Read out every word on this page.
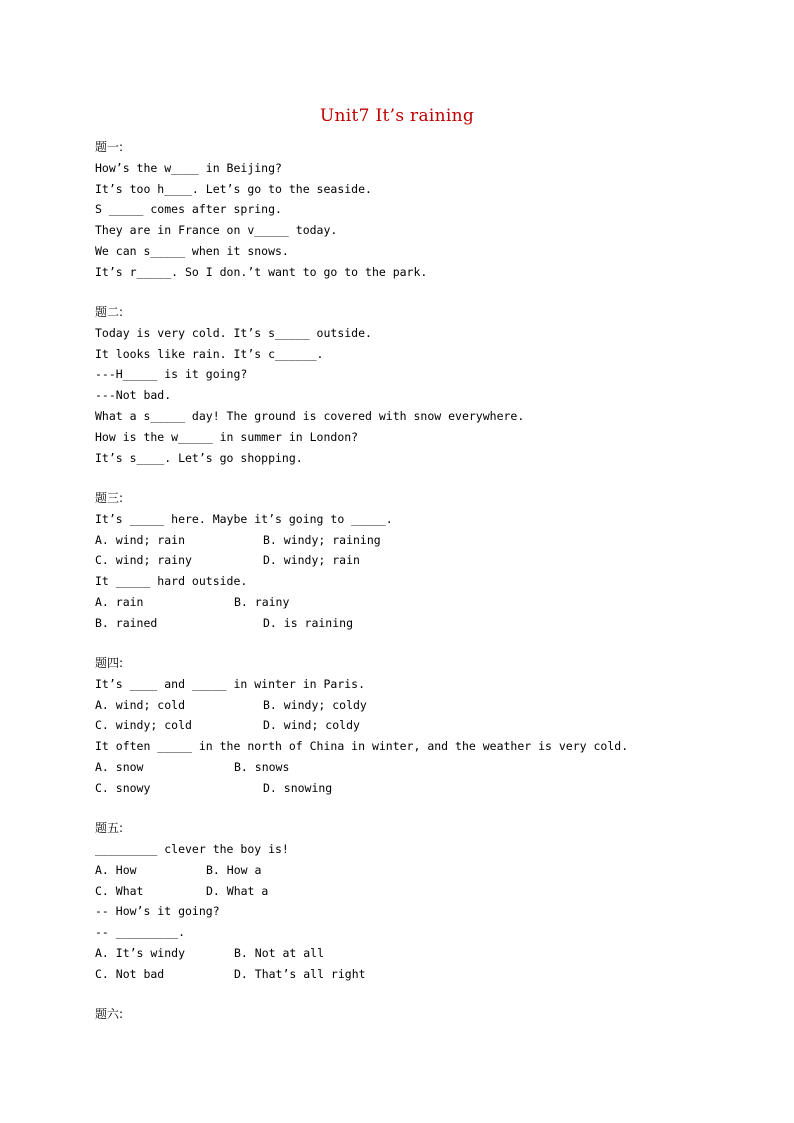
Unit7 It’s raining
题一:
How’s the w____ in Beijing?
It’s too h____. Let’s go to the seaside.
S _____ comes after spring.
They are in France on v_____ today.
We can s_____ when it snows.
It’s r_____. So I don.’t want to go to the park.
题二:
Today is very cold. It’s s_____ outside.
It looks like rain. It’s c______.
---H_____ is it going?
---Not bad.
What a s_____ day! The ground is covered with snow everywhere.
How is the w_____ in summer in London?
It’s s____. Let’s go shopping.
题三:
It’s _____ here. Maybe it’s going to _____.
A. wind; rain	B. windy; raining
C. wind; rainy	D. windy; rain
It _____ hard outside.
A. rain	B. rainy
B. rained	D. is raining
题四:
It’s ____ and _____ in winter in Paris.
A. wind; cold	B. windy; coldy
C. windy; cold	D. wind; coldy
It often _____ in the north of China in winter, and the weather is very cold.
A. snow	B. snows
C. snowy	D. snowing
题五:
_________ clever the boy is!
A. How	B. How a
C. What	D. What a
-- How’s it going?
-- _________.
A. It’s windy	B. Not at all
C. Not bad	D. That’s all right
题六:
